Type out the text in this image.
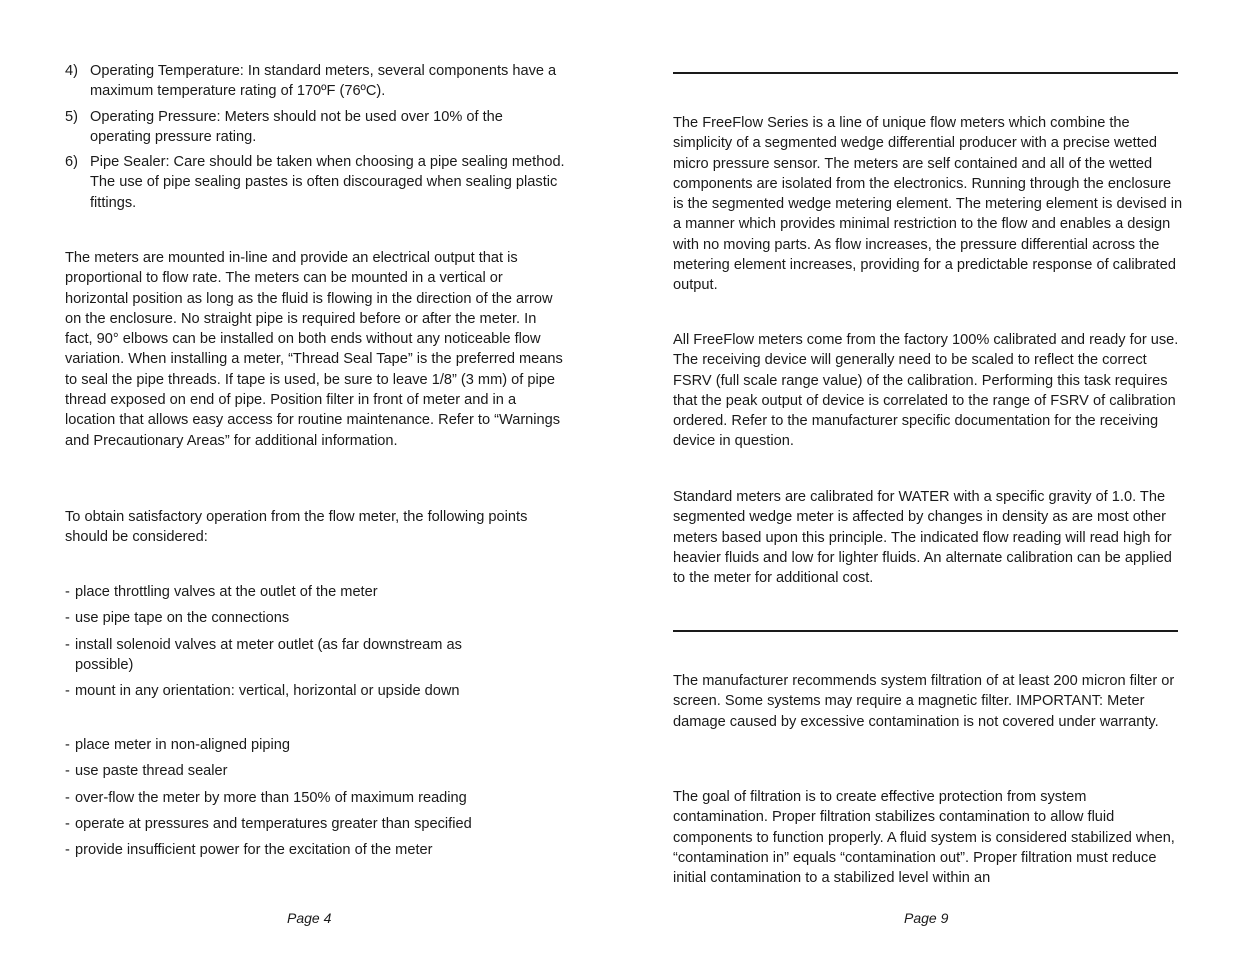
4) Operating Temperature: In standard meters, several components have a maximum temperature rating of 170ºF (76ºC).
5) Operating Pressure: Meters should not be used over 10% of the operating pressure rating.
6) Pipe Sealer: Care should be taken when choosing a pipe sealing method. The use of pipe sealing pastes is often discouraged when sealing plastic fittings.

The meters are mounted in-line and provide an electrical output that is proportional to flow rate. The meters can be mounted in a vertical or horizontal position as long as the fluid is flowing in the direction of the arrow on the enclosure. No straight pipe is required before or after the meter. In fact, 90° elbows can be installed on both ends without any noticeable flow variation. When installing a meter, “Thread Seal Tape” is the preferred means to seal the pipe threads. If tape is used, be sure to leave 1/8” (3 mm) of pipe thread exposed on end of pipe. Position filter in front of meter and in a location that allows easy access for routine maintenance. Refer to “Warnings and Precautionary Areas” for additional information.

To obtain satisfactory operation from the flow meter, the following points should be considered:

- place throttling valves at the outlet of the meter
- use pipe tape on the connections
- install solenoid valves at meter outlet (as far downstream as possible)
- mount in any orientation: vertical, horizontal or upside down
- place meter in non-aligned piping
- use paste thread sealer
- over-flow the meter by more than 150% of maximum reading
- operate at pressures and temperatures greater than specified
- provide insufficient power for the excitation of the meter
Page 4

The FreeFlow Series is a line of unique flow meters which combine the simplicity of a segmented wedge differential producer with a precise wetted micro pressure sensor. The meters are self contained and all of the wetted components are isolated from the electronics. Running through the enclosure is the segmented wedge metering element. The metering element is devised in a manner which provides minimal restriction to the flow and enables a design with no moving parts. As flow increases, the pressure differential across the metering element increases, providing for a predictable response of calibrated output.

All FreeFlow meters come from the factory 100% calibrated and ready for use. The receiving device will generally need to be scaled to reflect the correct FSRV (full scale range value) of the calibration. Performing this task requires that the peak output of device is correlated to the range of FSRV of calibration ordered. Refer to the manufacturer specific documentation for the receiving device in question.

Standard meters are calibrated for WATER with a specific gravity of 1.0. The segmented wedge meter is affected by changes in density as are most other meters based upon this principle. The indicated flow reading will read high for heavier fluids and low for lighter fluids. An alternate calibration can be applied to the meter for additional cost.

The manufacturer recommends system filtration of at least 200 micron filter or screen. Some systems may require a magnetic filter. IMPORTANT: Meter damage caused by excessive contamination is not covered under warranty.

The goal of filtration is to create effective protection from system contamination. Proper filtration stabilizes contamination to allow fluid components to function properly. A fluid system is considered stabilized when, “contamination in” equals “contamination out”. Proper filtration must reduce initial contamination to a stabilized level within an

Page 9
